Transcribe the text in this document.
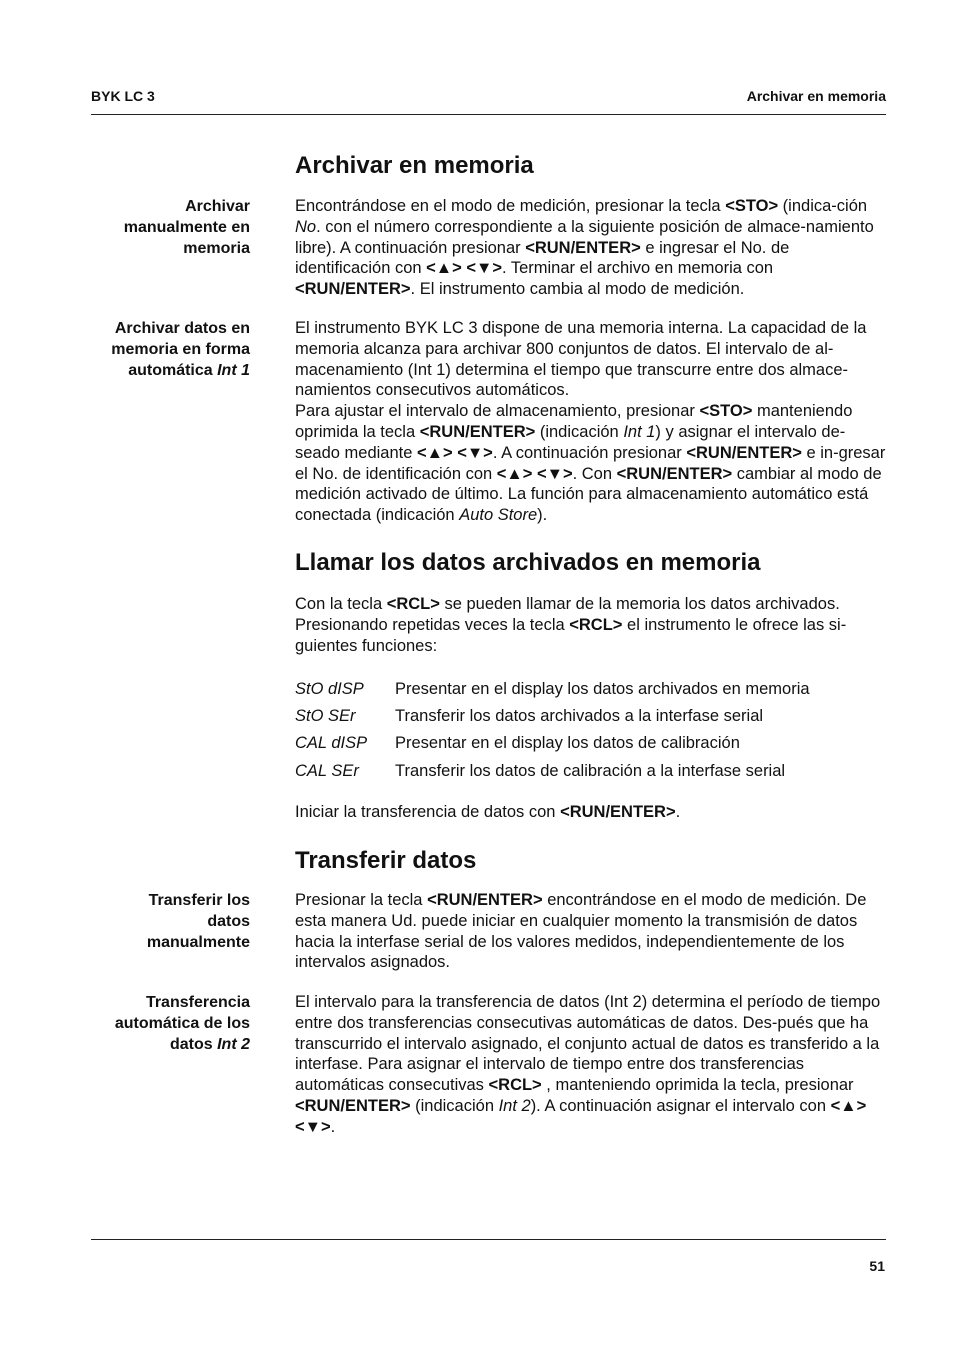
BYK LC 3	Archivar en memoria
Archivar en memoria
Archivar
manualmente en
memoria

Encontrándose en el modo de medición, presionar la tecla <STO> (indica-ción No. con el número correspondiente a la siguiente posición de almace-namiento libre). A continuación presionar <RUN/ENTER> e ingresar el No. de identificación con <▲> <▼>. Terminar el archivo en memoria con <RUN/ENTER>. El instrumento cambia al modo de medición.

Archivar datos en
memoria en forma
automática Int 1
El instrumento BYK LC 3 dispone de una memoria interna. La capacidad de la memoria alcanza para archivar 800 conjuntos de datos. El intervalo de al-macenamiento (Int 1) determina el tiempo que transcurre entre dos almace-namientos consecutivos automáticos.
Para ajustar el intervalo de almacenamiento, presionar <STO> manteniendo oprimida la tecla <RUN/ENTER> (indicación Int 1) y asignar el intervalo de-seado mediante <▲> <▼>. A continuación presionar <RUN/ENTER> e in-gresar el No. de identificación con <▲> <▼>. Con <RUN/ENTER> cambiar al modo de medición activado de último. La función para almacenamiento automático está conectada (indicación Auto Store).
Llamar los datos archivados en memoria

Con la tecla <RCL> se pueden llamar de la memoria los datos archivados. Presionando repetidas veces la tecla <RCL> el instrumento le ofrece las si-guientes funciones:

StO dISP Presentar en el display los datos archivados en memoria
StO SEr Transferir los datos archivados a la interfase serial
CAL dISP Presentar en el display los datos de calibración
CAL SEr Transferir los datos de calibración a la interfase serial

Iniciar la transferencia de datos con <RUN/ENTER>.

Transferir datos
Transferir los
datos
manualmente

Presionar la tecla <RUN/ENTER> encontrándose en el modo de medición. De esta manera Ud. puede iniciar en cualquier momento la transmisión de datos hacia la interfase serial de los valores medidos, independientemente de los intervalos asignados.

Transferencia
automática de los
datos Int 2

El intervalo para la transferencia de datos (Int 2) determina el período de tiempo entre dos transferencias consecutivas automáticas de datos. Des-pués que ha transcurrido el intervalo asignado, el conjunto actual de datos es transferido a la interfase. Para asignar el intervalo de tiempo entre dos transferencias automáticas consecutivas <RCL> , manteniendo oprimida la tecla, presionar <RUN/ENTER> (indicación Int 2). A continuación asignar el intervalo con <▲> <▼>.

51
